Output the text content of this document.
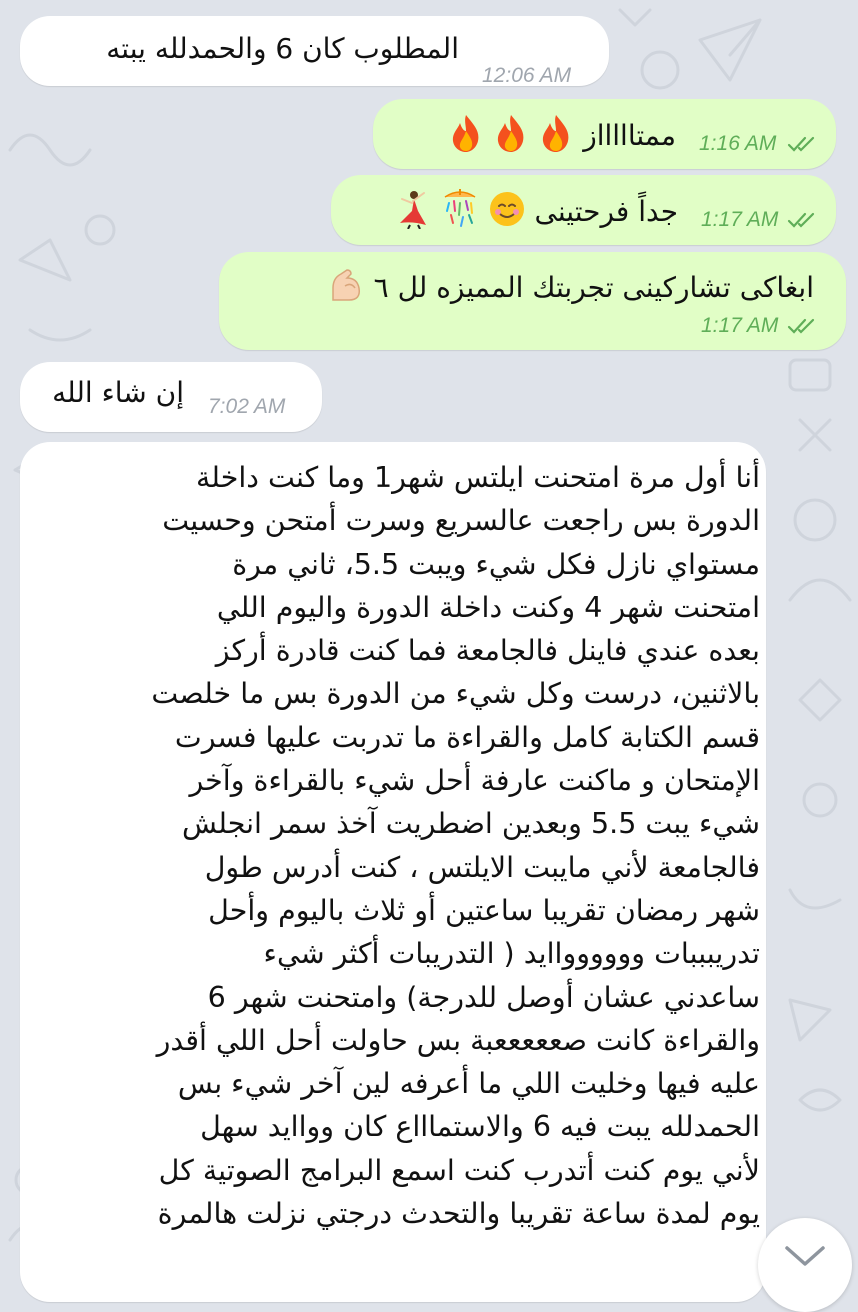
المطلوب كان 6 والحمدلله يبته
12:06 AM
ممتاااااز 1:16 AM
جداً فرحتينى 1:17 AM
ابغاكى تشاركينى تجربتك المميزه لل ٦
1:17 AM
إن شاء الله 7:02 AM
أنا أول مرة امتحنت ايلتس شهر1 وما كنت داخلة
الدورة بس راجعت عالسريع وسرت أمتحن وحسيت
مستواي نازل فكل شيء ويبت 5.5، ثاني مرة
امتحنت شهر 4 وكنت داخلة الدورة واليوم اللي
بعده عندي فاينل فالجامعة فما كنت قادرة أركز
بالاثنين، درست وكل شيء من الدورة بس ما خلصت
قسم الكتابة كامل والقراءة ما تدربت عليها فسرت
الإمتحان و ماكنت عارفة أحل شيء بالقراءة وآخر
شيء يبت 5.5 وبعدين اضطريت آخذ سمر انجلش
فالجامعة لأني مايبت الايلتس ، كنت أدرس طول
شهر رمضان تقريبا ساعتين أو ثلاث باليوم وأحل
تدريبببات وووووواايد ( التدريبات أكثر شيء
ساعدني عشان أوصل للدرجة) وامتحنت شهر 6
والقراءة كانت صعععععبة بس حاولت أحل اللي أقدر
عليه فيها وخليت اللي ما أعرفه لين آخر شيء بس
الحمدلله يبت فيه 6 والاستماااع كان وواايد سهل
لأني يوم كنت أتدرب كنت اسمع البرامج الصوتية كل
يوم لمدة ساعة تقريبا والتحدث درجتي نزلت هالمرة
